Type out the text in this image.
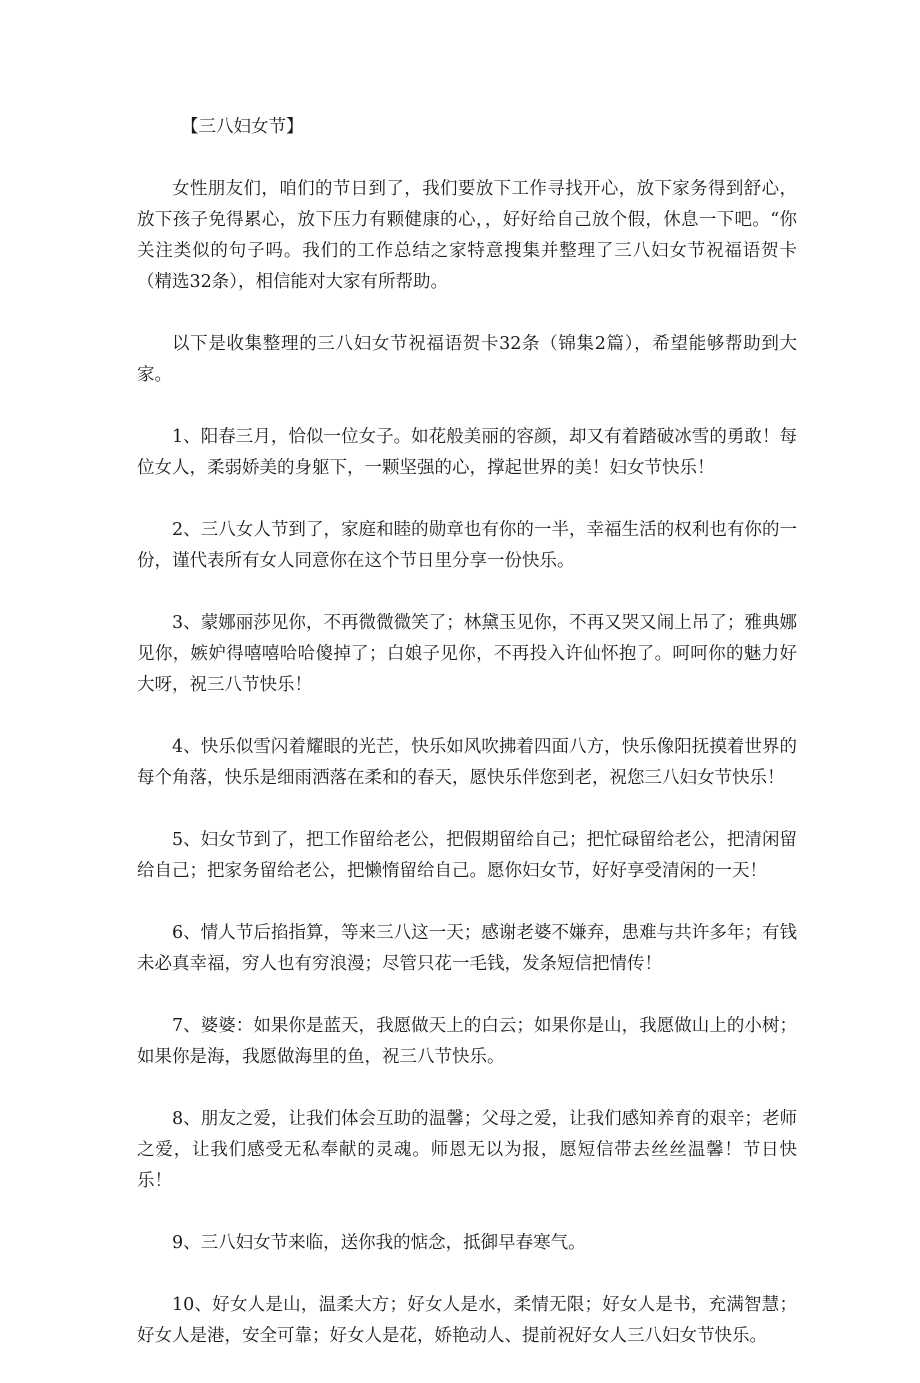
【三八妇女节】

女性朋友们，咱们的节日到了，我们要放下工作寻找开心，放下家务得到舒心，放下孩子免得累心，放下压力有颗健康的心，，好好给自己放个假，休息一下吧。“你关注类似的句子吗。我们的工作总结之家特意搜集并整理了三八妇女节祝福语贺卡（精选32条），相信能对大家有所帮助。

以下是收集整理的三八妇女节祝福语贺卡32条（锦集2篇），希望能够帮助到大家。

1、阳春三月，恰似一位女子。如花般美丽的容颜，却又有着踏破冰雪的勇敢！每位女人，柔弱娇美的身躯下，一颗坚强的心，撑起世界的美！妇女节快乐！

2、三八女人节到了，家庭和睦的勋章也有你的一半，幸福生活的权利也有你的一份，谨代表所有女人同意你在这个节日里分享一份快乐。

3、蒙娜丽莎见你，不再微微微笑了；林黛玉见你，不再又哭又闹上吊了；雅典娜见你，嫉妒得嘻嘻哈哈傻掉了；白娘子见你，不再投入许仙怀抱了。呵呵你的魅力好大呀，祝三八节快乐！

4、快乐似雪闪着耀眼的光芒，快乐如风吹拂着四面八方，快乐像阳抚摸着世界的每个角落，快乐是细雨洒落在柔和的春天，愿快乐伴您到老，祝您三八妇女节快乐！

5、妇女节到了，把工作留给老公，把假期留给自己；把忙碌留给老公，把清闲留给自己；把家务留给老公，把懒惰留给自己。愿你妇女节，好好享受清闲的一天！

6、情人节后掐指算，等来三八这一天；感谢老婆不嫌弃，患难与共许多年；有钱未必真幸福，穷人也有穷浪漫；尽管只花一毛钱，发条短信把情传！

7、婆婆：如果你是蓝天，我愿做天上的白云；如果你是山，我愿做山上的小树；如果你是海，我愿做海里的鱼，祝三八节快乐。

8、朋友之爱，让我们体会互助的温馨；父母之爱，让我们感知养育的艰辛；老师之爱，让我们感受无私奉献的灵魂。师恩无以为报，愿短信带去丝丝温馨！节日快乐！

9、三八妇女节来临，送你我的惦念，抵御早春寒气。

10、好女人是山，温柔大方；好女人是水，柔情无限；好女人是书，充满智慧；好女人是港，安全可靠；好女人是花，娇艳动人、提前祝好女人三八妇女节快乐。
